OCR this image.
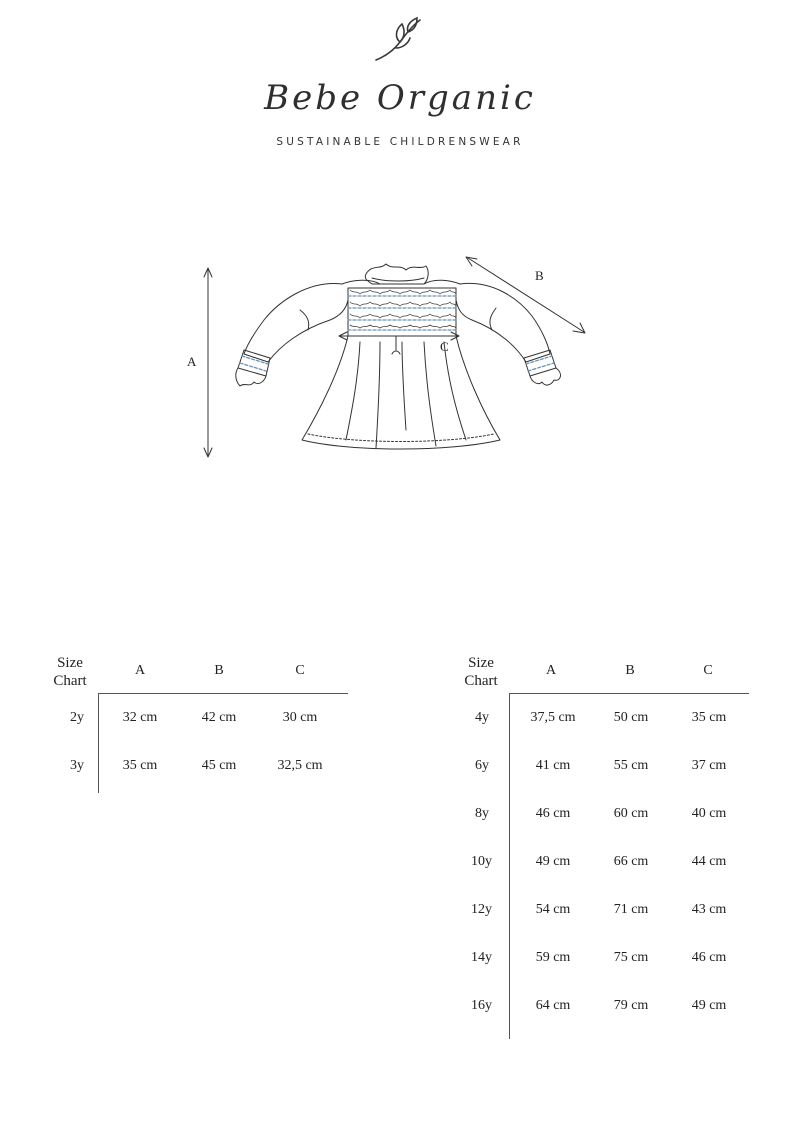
Bebe Organic
SUSTAINABLE CHILDRENSWEAR
A
B
C
Size
Chart
A	B	C
2y	32 cm	42 cm	30 cm
3y	35 cm	45 cm	32,5 cm
Size
Chart
A	B	C
4y	37,5 cm	50 cm	35 cm
6y	41 cm	55 cm	37 cm
8y	46 cm	60 cm	40 cm
10y	49 cm	66 cm	44 cm
12y	54 cm	71 cm	43 cm
14y	59 cm	75 cm	46 cm
16y	64 cm	79 cm	49 cm
